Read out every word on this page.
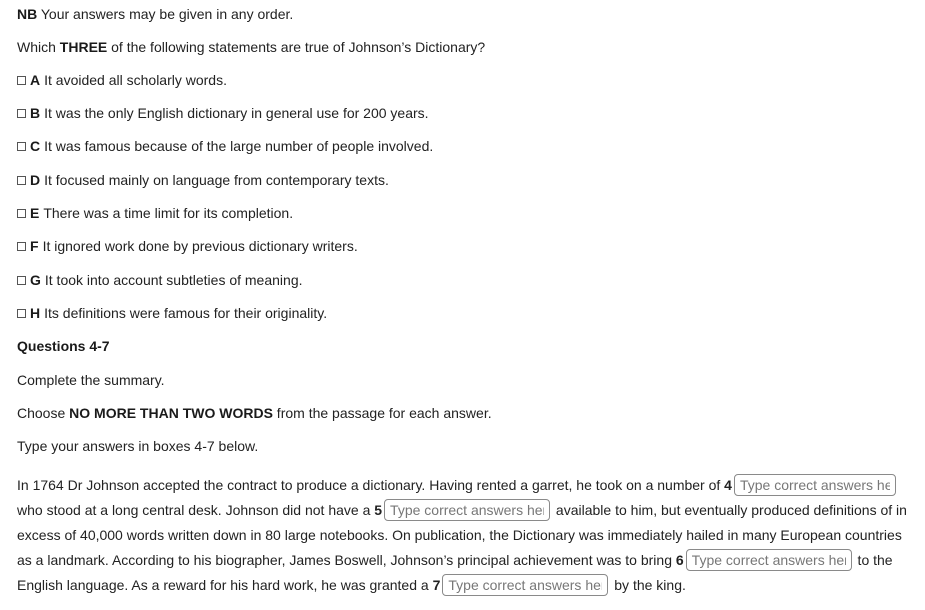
NB Your answers may be given in any order.
Which THREE of the following statements are true of Johnson’s Dictionary?
A It avoided all scholarly words.
B It was the only English dictionary in general use for 200 years.
C It was famous because of the large number of people involved.
D It focused mainly on language from contemporary texts.
E There was a time limit for its completion.
F It ignored work done by previous dictionary writers.
G It took into account subtleties of meaning.
H Its definitions were famous for their originality.
Questions 4-7
Complete the summary.
Choose NO MORE THAN TWO WORDS from the passage for each answer.
Type your answers in boxes 4-7 below.
In 1764 Dr Johnson accepted the contract to produce a dictionary. Having rented a garret, he took on a number of 4Type correct answers here. who stood at a long central desk. Johnson did not have a 5Type correct answers here.	available to him, but eventually produced definitions of in excess of 40,000 words written down in 80 large notebooks. On publication, the Dictionary was immediately hailed in many European countries as a landmark. According to his biographer, James Boswell, Johnson’s principal achievement was to bring 6Type correct answers here.	to the English language. As a reward for his hard work, he was granted a 7Type correct answers here.	by the king.
